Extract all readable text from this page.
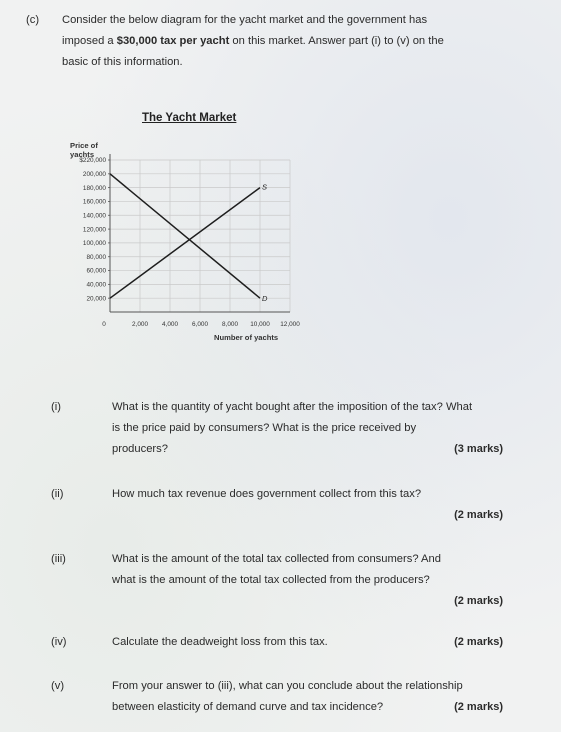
(c) Consider the below diagram for the yacht market and the government has
imposed a $30,000 tax per yacht on this market. Answer part (i) to (v) on the
basic of this information.
The Yacht Market
Price of yachts
Number of yachts
20,000
40,000
60,000
80,000
100,000
120,000
140,000
160,000
180,000
200,000
$220,000
0	2,000 4,000 6,000 8,000 10,000 12,000
S
D
(i)	What is the quantity of yacht bought after the imposition of the tax? What
is the price paid by consumers? What is the price received by
producers?	(3 marks)
(ii)	How much tax revenue does government collect from this tax?
(2 marks)
(iii)	What is the amount of the total tax collected from consumers? And
what is the amount of the total tax collected from the producers?
(2 marks)
(iv)	Calculate the deadweight loss from this tax.	(2 marks)
(v)	From your answer to (iii), what can you conclude about the relationship
between elasticity of demand curve and tax incidence?	(2 marks)
